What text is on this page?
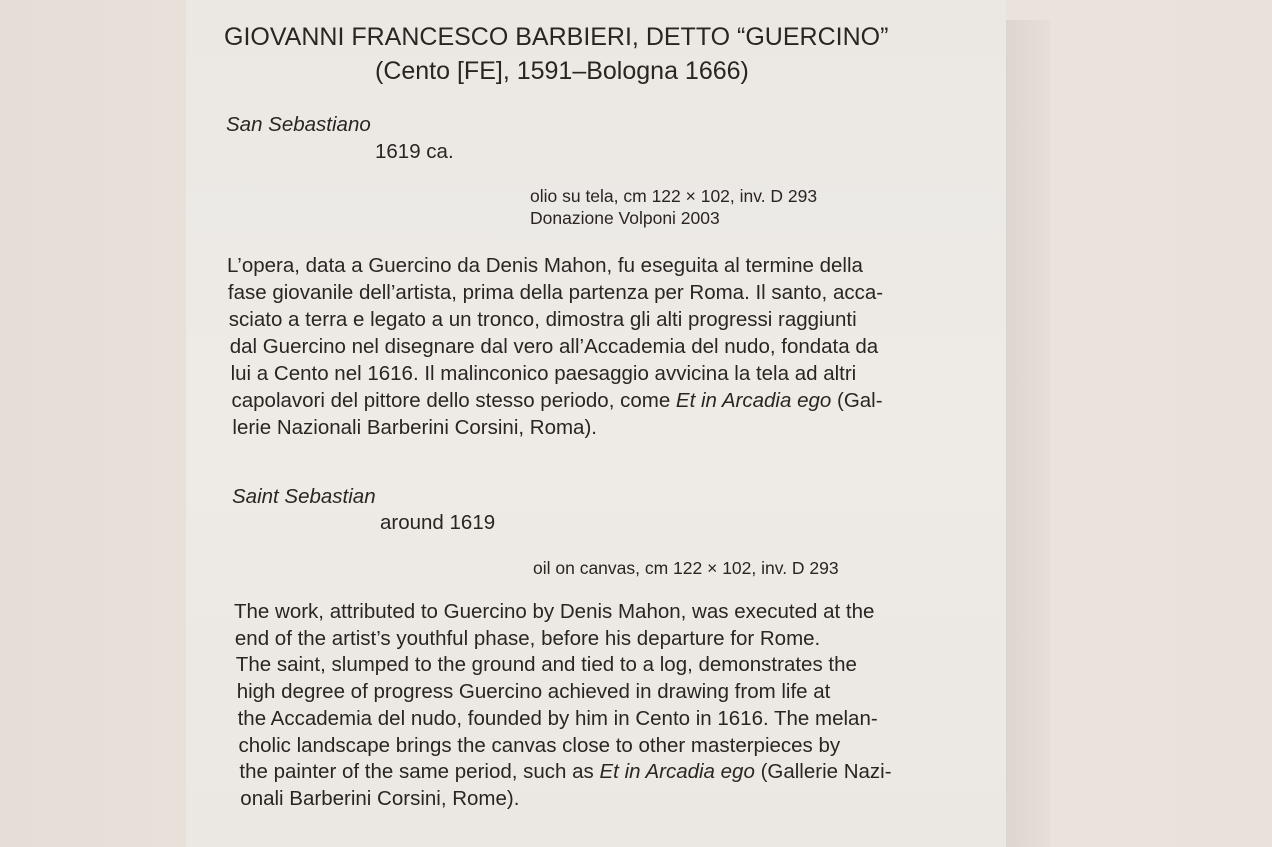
GIOVANNI FRANCESCO BARBIERI, DETTO “GUERCINO”
(Cento [FE], 1591–Bologna 1666)
San Sebastiano
1619 ca.
olio su tela, cm 122 × 102, inv. D 293
Donazione Volponi 2003
L’opera, data a Guercino da Denis Mahon, fu eseguita al termine della
fase giovanile dell’artista, prima della partenza per Roma. Il santo, acca-
sciato a terra e legato a un tronco, dimostra gli alti progressi raggiunti
dal Guercino nel disegnare dal vero all’Accademia del nudo, fondata da
lui a Cento nel 1616. Il malinconico paesaggio avvicina la tela ad altri
capolavori del pittore dello stesso periodo, come Et in Arcadia ego (Gal-
lerie Nazionali Barberini Corsini, Roma).
Saint Sebastian
around 1619
oil on canvas, cm 122 × 102, inv. D 293
The work, attributed to Guercino by Denis Mahon, was executed at the
end of the artist’s youthful phase, before his departure for Rome.
The saint, slumped to the ground and tied to a log, demonstrates the
high degree of progress Guercino achieved in drawing from life at
the Accademia del nudo, founded by him in Cento in 1616. The melan-
cholic landscape brings the canvas close to other masterpieces by
the painter of the same period, such as Et in Arcadia ego (Gallerie Nazi-
onali Barberini Corsini, Rome).
